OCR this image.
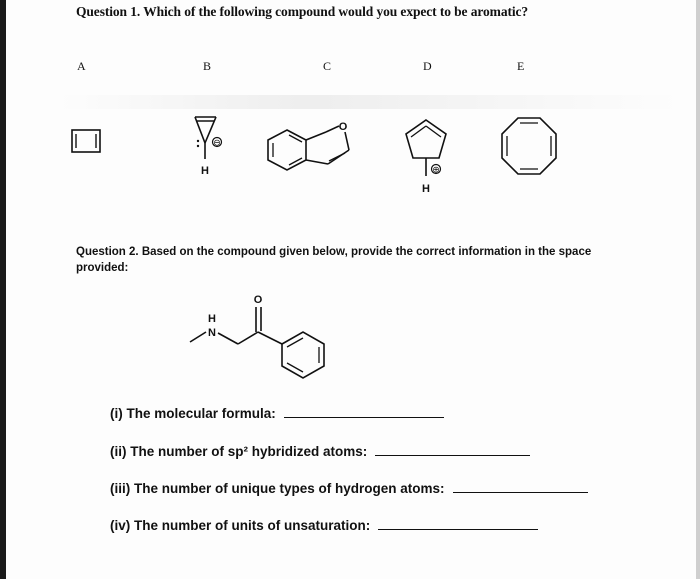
Question 1. Which of the following compound would you expect to be aromatic?
A	B	C	D	E
⊖
H
O
⊕
H
Question 2. Based on the compound given below, provide the correct information in the space provided:
N
H
O
(i) The molecular formula:
(ii) The number of sp² hybridized atoms:
(iii) The number of unique types of hydrogen atoms:
(iv) The number of units of unsaturation:
